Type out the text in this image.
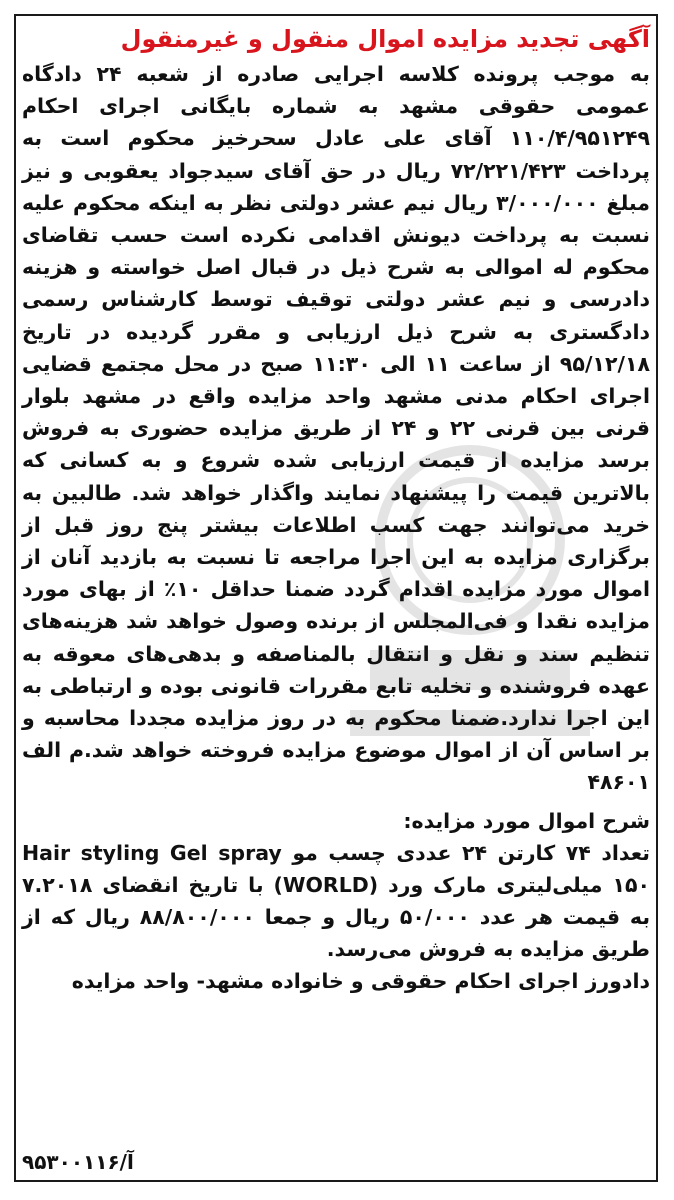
آگهی تجدید مزایده اموال منقول و غیرمنقول

به موجب پرونده کلاسه اجرایی صادره از شعبه ۲۴ دادگاه عمومی حقوقی مشهد به شماره بایگانی اجرای احکام ۱۱۰/۴/۹۵۱۲۴۹ آقای علی عادل سحرخیز محکوم است به پرداخت ۷۲/۲۲۱/۴۲۳ ریال در حق آقای سیدجواد یعقوبی و نیز مبلغ ۳/۰۰۰/۰۰۰ ریال نیم عشر دولتی نظر به اینکه محکوم علیه نسبت به پرداخت دیونش اقدامی نکرده است حسب تقاضای محکوم له اموالی به شرح ذیل در قبال اصل خواسته و هزینه دادرسی و نیم عشر دولتی توقیف توسط کارشناس رسمی دادگستری به شرح ذیل ارزیابی و مقرر گردیده در تاریخ ۹۵/۱۲/۱۸ از ساعت ۱۱ الی ۱۱:۳۰ صبح در محل مجتمع قضایی اجرای احکام مدنی مشهد واحد مزایده واقع در مشهد بلوار قرنی بین قرنی ۲۲ و ۲۴ از طریق مزایده حضوری به فروش برسد مزایده از قیمت ارزیابی شده شروع و به کسانی که بالاترین قیمت را پیشنهاد نمایند واگذار خواهد شد. طالبین به خرید می‌توانند جهت کسب اطلاعات بیشتر پنج روز قبل از برگزاری مزایده به این اجرا مراجعه تا نسبت به بازدید آنان از اموال مورد مزایده اقدام گردد ضمنا حداقل ۱۰٪ از بهای مورد مزایده نقدا و فی‌المجلس از برنده وصول خواهد شد هزینه‌های تنظیم سند و نقل و انتقال بالمناصفه و بدهی‌های معوقه به عهده فروشنده و تخلیه تابع مقررات قانونی بوده و ارتباطی به این اجرا ندارد.ضمنا محکوم به در روز مزایده مجددا محاسبه و بر اساس آن از اموال موضوع مزایده فروخته خواهد شد.م الف ۴۸۶۰۱

شرح اموال مورد مزایده:

تعداد ۷۴ کارتن ۲۴ عددی چسب مو Hair styling Gel spray ۱۵۰ میلی‌لیتری مارک ورد (WORLD) با تاریخ انقضای ۷.۲۰۱۸ به قیمت هر عدد ۵۰/۰۰۰ ریال و جمعا ۸۸/۸۰۰/۰۰۰ ریال که از طریق مزایده به فروش می‌رسد.

دادورز اجرای احکام حقوقی و خانواده مشهد- واحد مزایده

آ/۹۵۳۰۰۱۱۶
